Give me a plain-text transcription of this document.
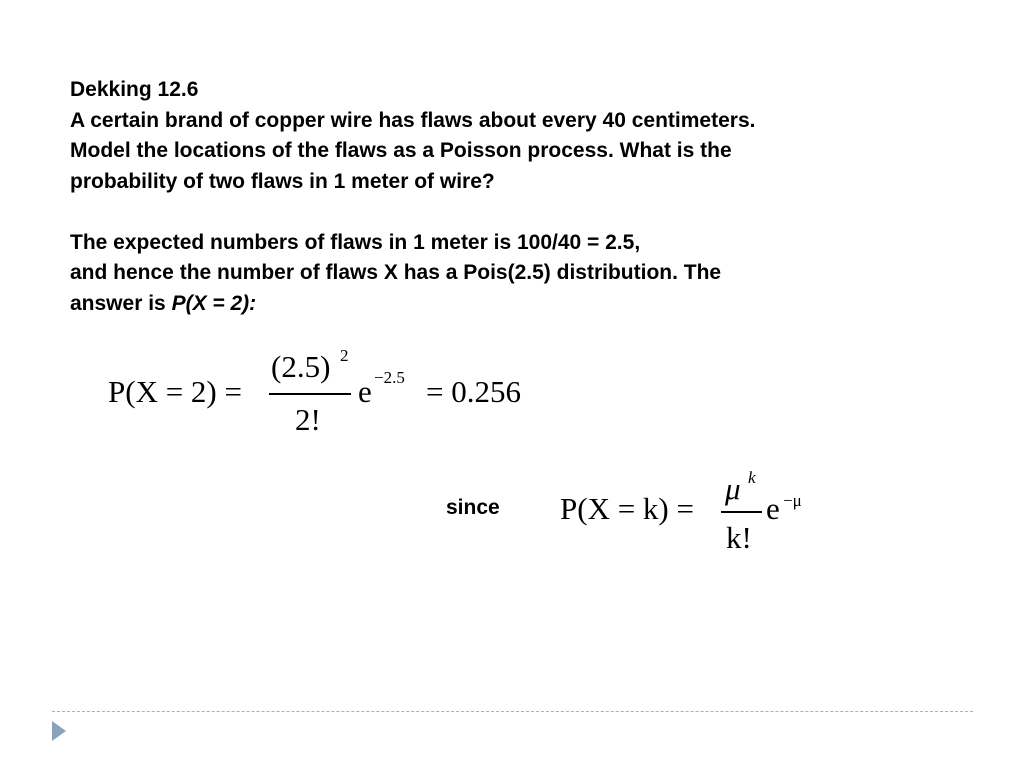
Dekking 12.6
A certain brand of copper wire has flaws about every 40 centimeters.
Model the locations of the flaws as a Poisson process. What is the
probability of two flaws in 1 meter of wire?
The expected numbers of flaws in 1 meter is 100/40 = 2.5,
and hence the number of flaws X has a Pois(2.5) distribution. The
answer is P(X = 2):
P(X = 2) =
(2.5) 2
2!
e −2.5 = 0.256
since P(X = k) =
μ k
k!
e −μ
